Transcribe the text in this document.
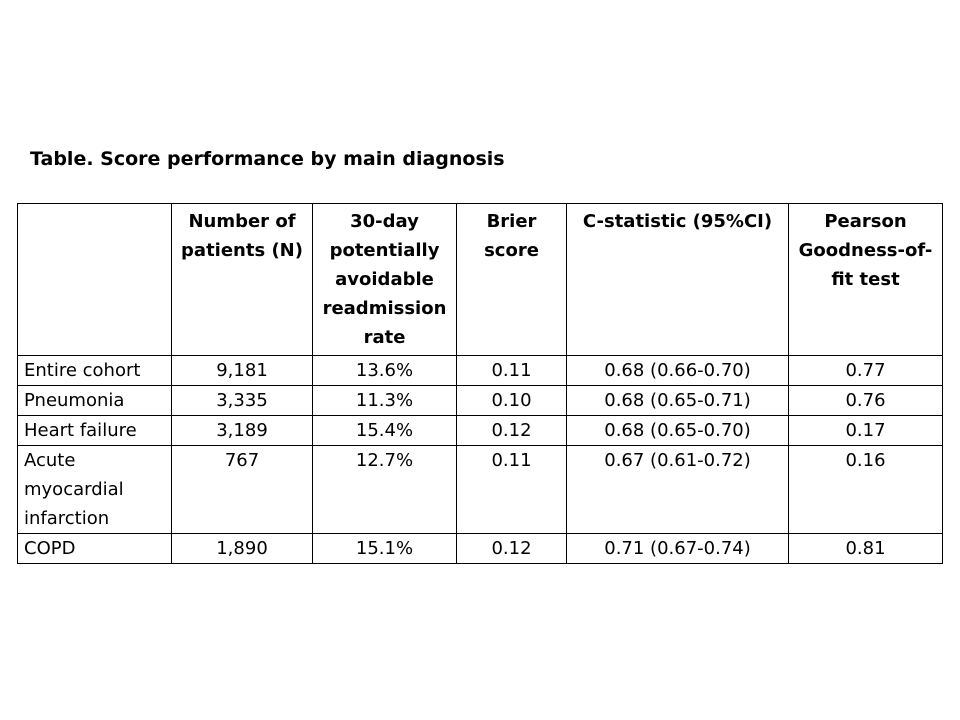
Table. Score performance by main diagnosis
	Number of patients (N)	30-day potentially avoidable readmission rate	Brier score	C-statistic (95%CI)	Pearson Goodness-of-fit test
Entire cohort	9,181	13.6%	0.11	0.68 (0.66-0.70)	0.77
Pneumonia	3,335	11.3%	0.10	0.68 (0.65-0.71)	0.76
Heart failure	3,189	15.4%	0.12	0.68 (0.65-0.70)	0.17
Acute myocardial infarction	767	12.7%	0.11	0.67 (0.61-0.72)	0.16
COPD	1,890	15.1%	0.12	0.71 (0.67-0.74)	0.81
